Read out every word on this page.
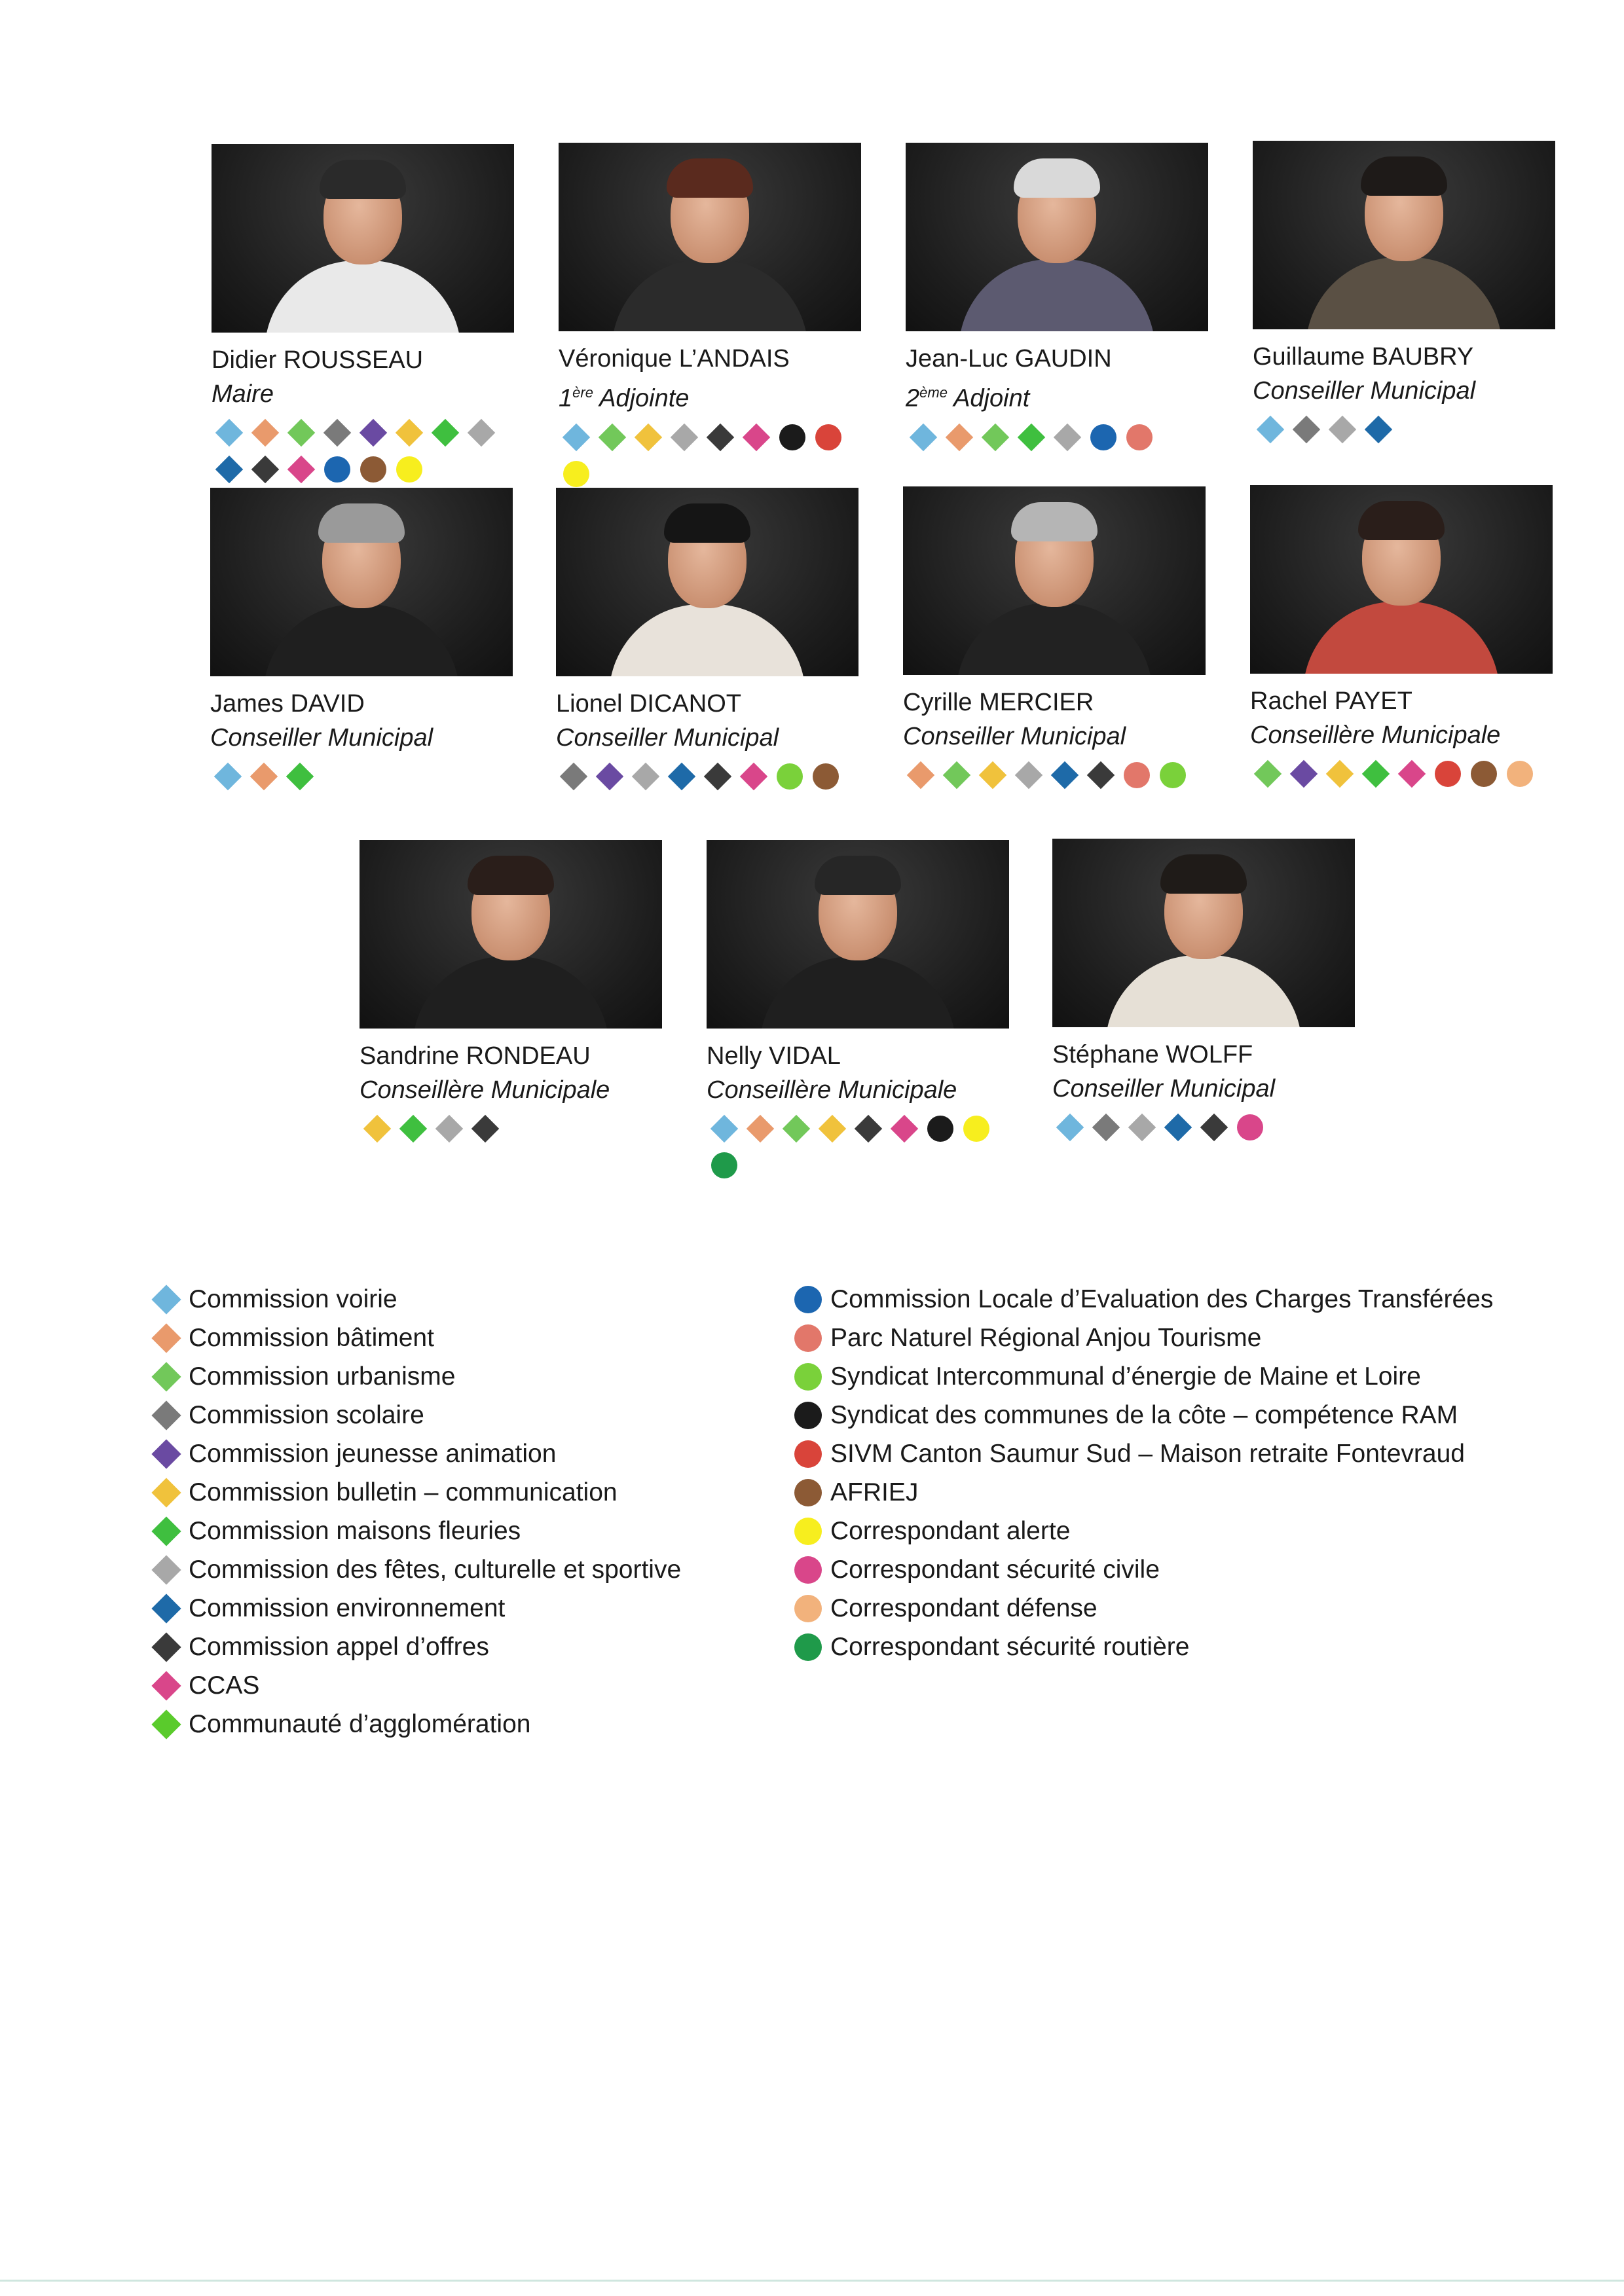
Didier ROUSSEAU
Maire
Véronique L’ANDAIS
1ère Adjointe
Jean-Luc GAUDIN
2ème Adjoint
Guillaume BAUBRY
Conseiller Municipal
James DAVID
Conseiller Municipal
Lionel DICANOT
Conseiller Municipal
Cyrille MERCIER
Conseiller Municipal
Rachel PAYET
Conseillère Municipale
Sandrine RONDEAU
Conseillère Municipale
Nelly VIDAL
Conseillère Municipale
Stéphane WOLFF
Conseiller Municipal
Commission voirie
Commission bâtiment
Commission urbanisme
Commission scolaire
Commission jeunesse animation
Commission bulletin – communication
Commission maisons fleuries
Commission des fêtes, culturelle et sportive
Commission environnement
Commission appel d’offres
CCAS
Communauté d’agglomération
Commission Locale d’Evaluation des Charges Transférées
Parc Naturel Régional Anjou Tourisme
Syndicat Intercommunal d’énergie de Maine et Loire
Syndicat des communes de la côte – compétence RAM
SIVM Canton Saumur Sud – Maison retraite Fontevraud
AFRIEJ
Correspondant alerte
Correspondant sécurité civile
Correspondant défense
Correspondant sécurité routière
